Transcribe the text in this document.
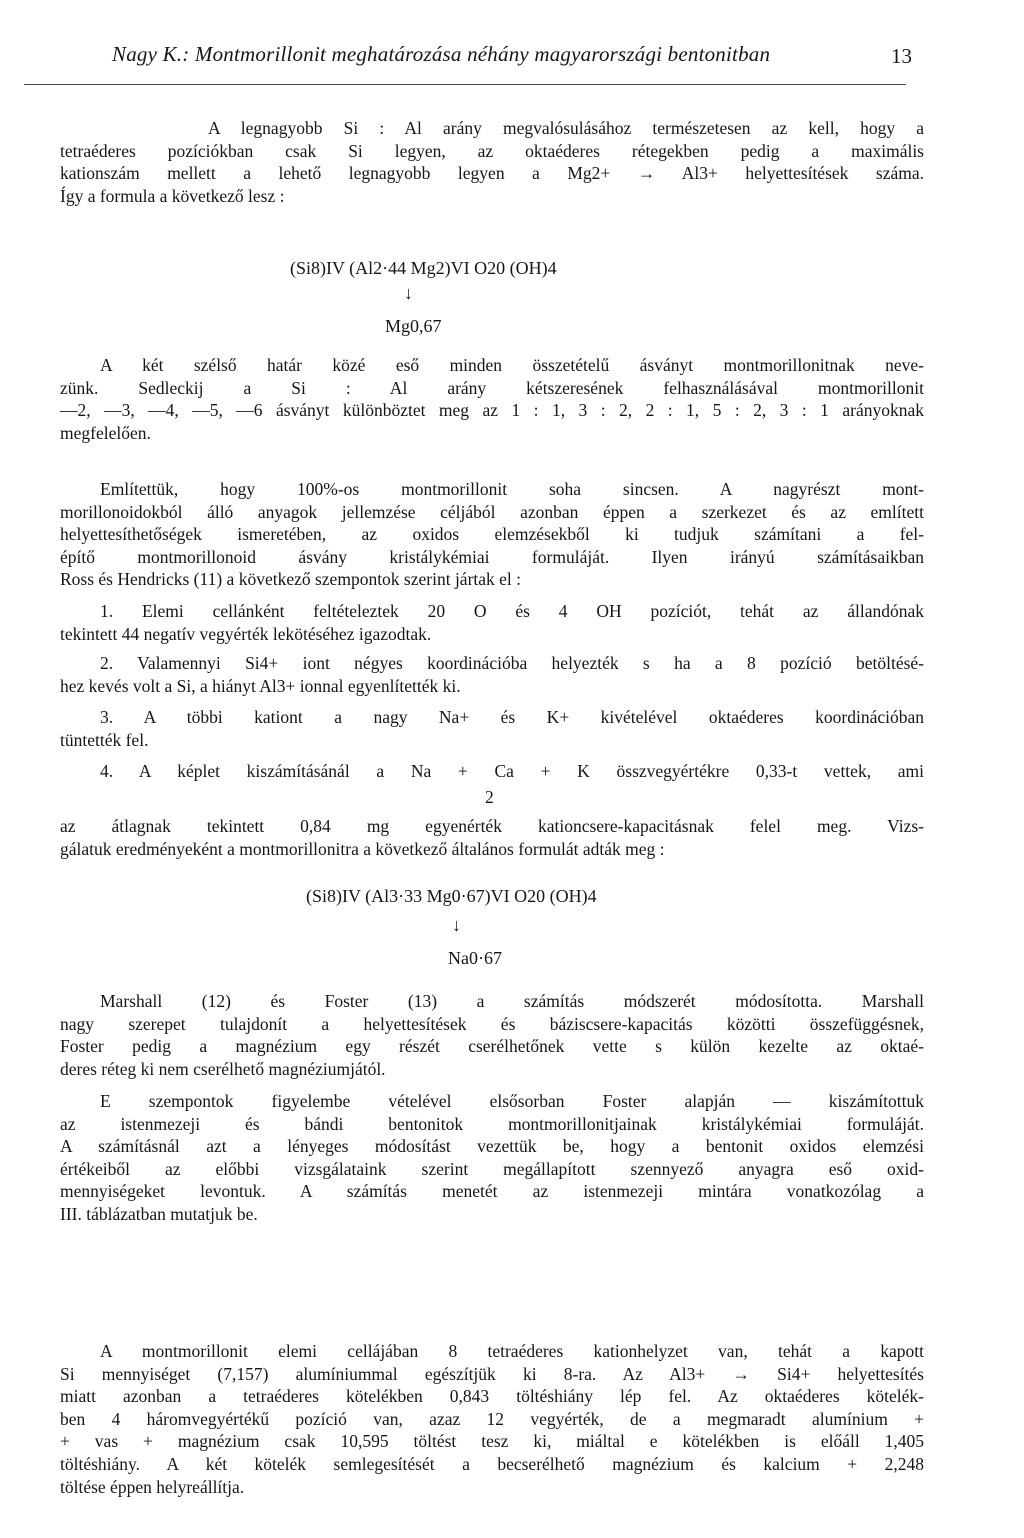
Nagy K.: Montmorillonit meghatározása néhány magyarországi bentonitban	13
A legnagyobb Si : Al arány megvalósulásához természetesen az kell, hogy a
tetraéderes pozíciókban csak Si legyen, az oktaéderes rétegekben pedig a maximális
kationszám mellett a lehető legnagyobb legyen a Mg2+ → Al3+ helyettesítések száma.
Így a formula a következő lesz :
(Si8)IV (Al2·44 Mg2)VI O20 (OH)4
↓
Mg0,67
A két szélső határ közé eső minden összetételű ásványt montmorillonitnak neve-
zünk. Sedleckij a Si : Al arány kétszeresének felhasználásával montmorillonit
—2, —3, —4, —5, —6 ásványt különböztet meg az 1 : 1, 3 : 2, 2 : 1, 5 : 2, 3 : 1 arányoknak
megfelelően.
Említettük, hogy 100%-os montmorillonit soha sincsen. A nagyrészt mont-
morillonoidokból álló anyagok jellemzése céljából azonban éppen a szerkezet és az említett
helyettesíthetőségek ismeretében, az oxidos elemzésekből ki tudjuk számítani a fel-
építő montmorillonoid ásvány kristálykémiai formuláját. Ilyen irányú számításaikban
Ross és Hendricks (11) a következő szempontok szerint jártak el :
1. Elemi cellánként feltételeztek 20 O és 4 OH pozíciót, tehát az állandónak
tekintett 44 negatív vegyérték lekötéséhez igazodtak.
2. Valamennyi Si4+ iont négyes koordinációba helyezték s ha a 8 pozíció betöltésé-
hez kevés volt a Si, a hiányt Al3+ ionnal egyenlítették ki.
3. A többi kationt a nagy Na+ és K+ kivételével oktaéderes koordinációban
tüntették fel.
4. A képlet kiszámításánál a Na + Ca + K összvegyértékre 0,33-t vettek, ami
2
az átlagnak tekintett 0,84 mg egyenérték kationcsere-kapacitásnak felel meg. Vizs-
gálatuk eredményeként a montmorillonitra a következő általános formulát adták meg :
(Si8)IV (Al3·33 Mg0·67)VI O20 (OH)4
↓
Na0·67
Marshall (12) és Foster (13) a számítás módszerét módosította. Marshall
nagy szerepet tulajdonít a helyettesítések és báziscsere-kapacitás közötti összefüggésnek,
Foster pedig a magnézium egy részét cserélhetőnek vette s külön kezelte az oktaé-
deres réteg ki nem cserélhető magnéziumjától.
E szempontok figyelembe vételével elsősorban Foster alapján — kiszámítottuk
az istenmezeji és bándi bentonitok montmorillonitjainak kristálykémiai formuláját.
A számításnál azt a lényeges módosítást vezettük be, hogy a bentonit oxidos elemzési
értékeiből az előbbi vizsgálataink szerint megállapított szennyező anyagra eső oxid-
mennyiségeket levontuk. A számítás menetét az istenmezeji mintára vonatkozólag a
III. táblázatban mutatjuk be.
A montmorillonit elemi cellájában 8 tetraéderes kationhelyzet van, tehát a kapott
Si mennyiséget (7,157) alumíniummal egészítjük ki 8-ra. Az Al3+ → Si4+ helyettesítés
miatt azonban a tetraéderes kötelékben 0,843 töltéshiány lép fel. Az oktaéderes kötelék-
ben 4 háromvegyértékű pozíció van, azaz 12 vegyérték, de a megmaradt alumínium +
+ vas + magnézium csak 10,595 töltést tesz ki, miáltal e kötelékben is előáll 1,405
töltéshiány. A két kötelék semlegesítését a becserélhető magnézium és kalcium + 2,248
töltése éppen helyreállítja.
